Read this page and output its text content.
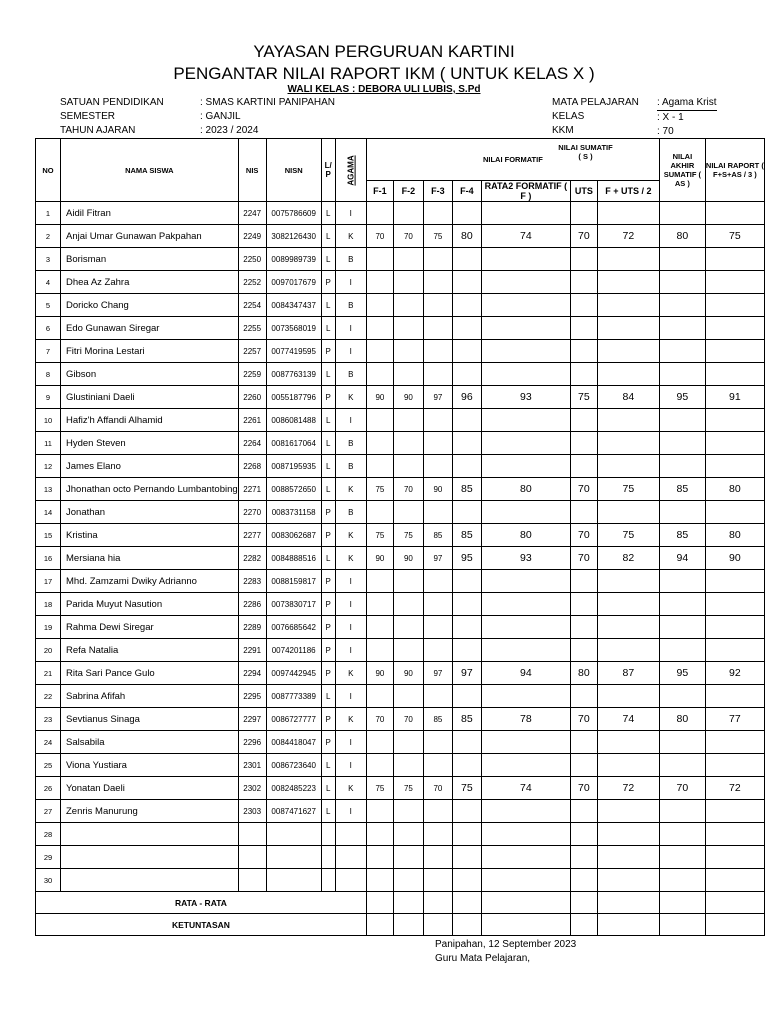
YAYASAN PERGURUAN KARTINI
PENGANTAR NILAI RAPORT IKM ( UNTUK KELAS X )
WALI KELAS : DEBORA ULI LUBIS, S.Pd
SATUAN PENDIDIKAN
SEMESTER
TAHUN AJARAN
: SMAS KARTINI PANIPAHAN
: GANJIL
: 2023 / 2024
MATA PELAJARAN
KELAS
KKM
: Agama Krist
: X - 1
: 70
NO	NAMA SISWA	NIS	NISN	L/ P	AGAMA	NILAI FORMATIF							NILAI AKHIR SUMATIF ( AS )	NILAI RAPORT ( F+S+AS / 3 )
						F-1	F-2	F-3	F-4	RATA2 FORMATIF ( F )	UTS	F + UTS / 2		
1	Aidil Fitran	2247	0075786609	L	I									
2	Anjai Umar Gunawan Pakpahan	2249	3082126430	L	K	70	70	75	80	74	70	72	80	75
3	Borisman	2250	0089989739	L	B									
4	Dhea Az Zahra	2252	0097017679	P	I									
5	Doricko Chang	2254	0084347437	L	B									
6	Edo Gunawan Siregar	2255	0073568019	L	I									
7	Fitri Morina Lestari	2257	0077419595	P	I									
8	Gibson	2259	0087763139	L	B									
9	Glustiniani Daeli	2260	0055187796	P	K	90	90	97	96	93	75	84	95	91
10	Hafiz'h Affandi Alhamid	2261	0086081488	L	I									
11	Hyden Steven	2264	0081617064	L	B									
12	James Elano	2268	0087195935	L	B									
13	Jhonathan octo Pernando Lumbantobing	2271	0088572650	L	K	75	70	90	85	80	70	75	85	80
14	Jonathan	2270	0083731158	P	B									
15	Kristina	2277	0083062687	P	K	75	75	85	85	80	70	75	85	80
16	Mersiana hia	2282	0084888516	L	K	90	90	97	95	93	70	82	94	90
17	Mhd. Zamzami Dwiky Adrianno	2283	0088159817	P	I									
18	Parida Muyut Nasution	2286	0073830717	P	I									
19	Rahma Dewi Siregar	2289	0076685642	P	I									
20	Refa Natalia	2291	0074201186	P	I									
21	Rita Sari Pance Gulo	2294	0097442945	P	K	90	90	97	97	94	80	87	95	92
22	Sabrina Afifah	2295	0087773389	L	I									
23	Sevtianus Sinaga	2297	0086727777	P	K	70	70	85	85	78	70	74	80	77
24	Salsabila	2296	0084418047	P	I									
25	Viona Yustiara	2301	0086723640	L	I									
26	Yonatan Daeli	2302	0082485223	L	K	75	75	70	75	74	70	72	70	72
27	Zenris Manurung	2303	0087471627	L	I									
28														
29														
30														
RATA - RATA														
KETUNTASAN														
NILAI SUMATIF ( S )
Panipahan, 12 September 2023
Guru Mata Pelajaran,
